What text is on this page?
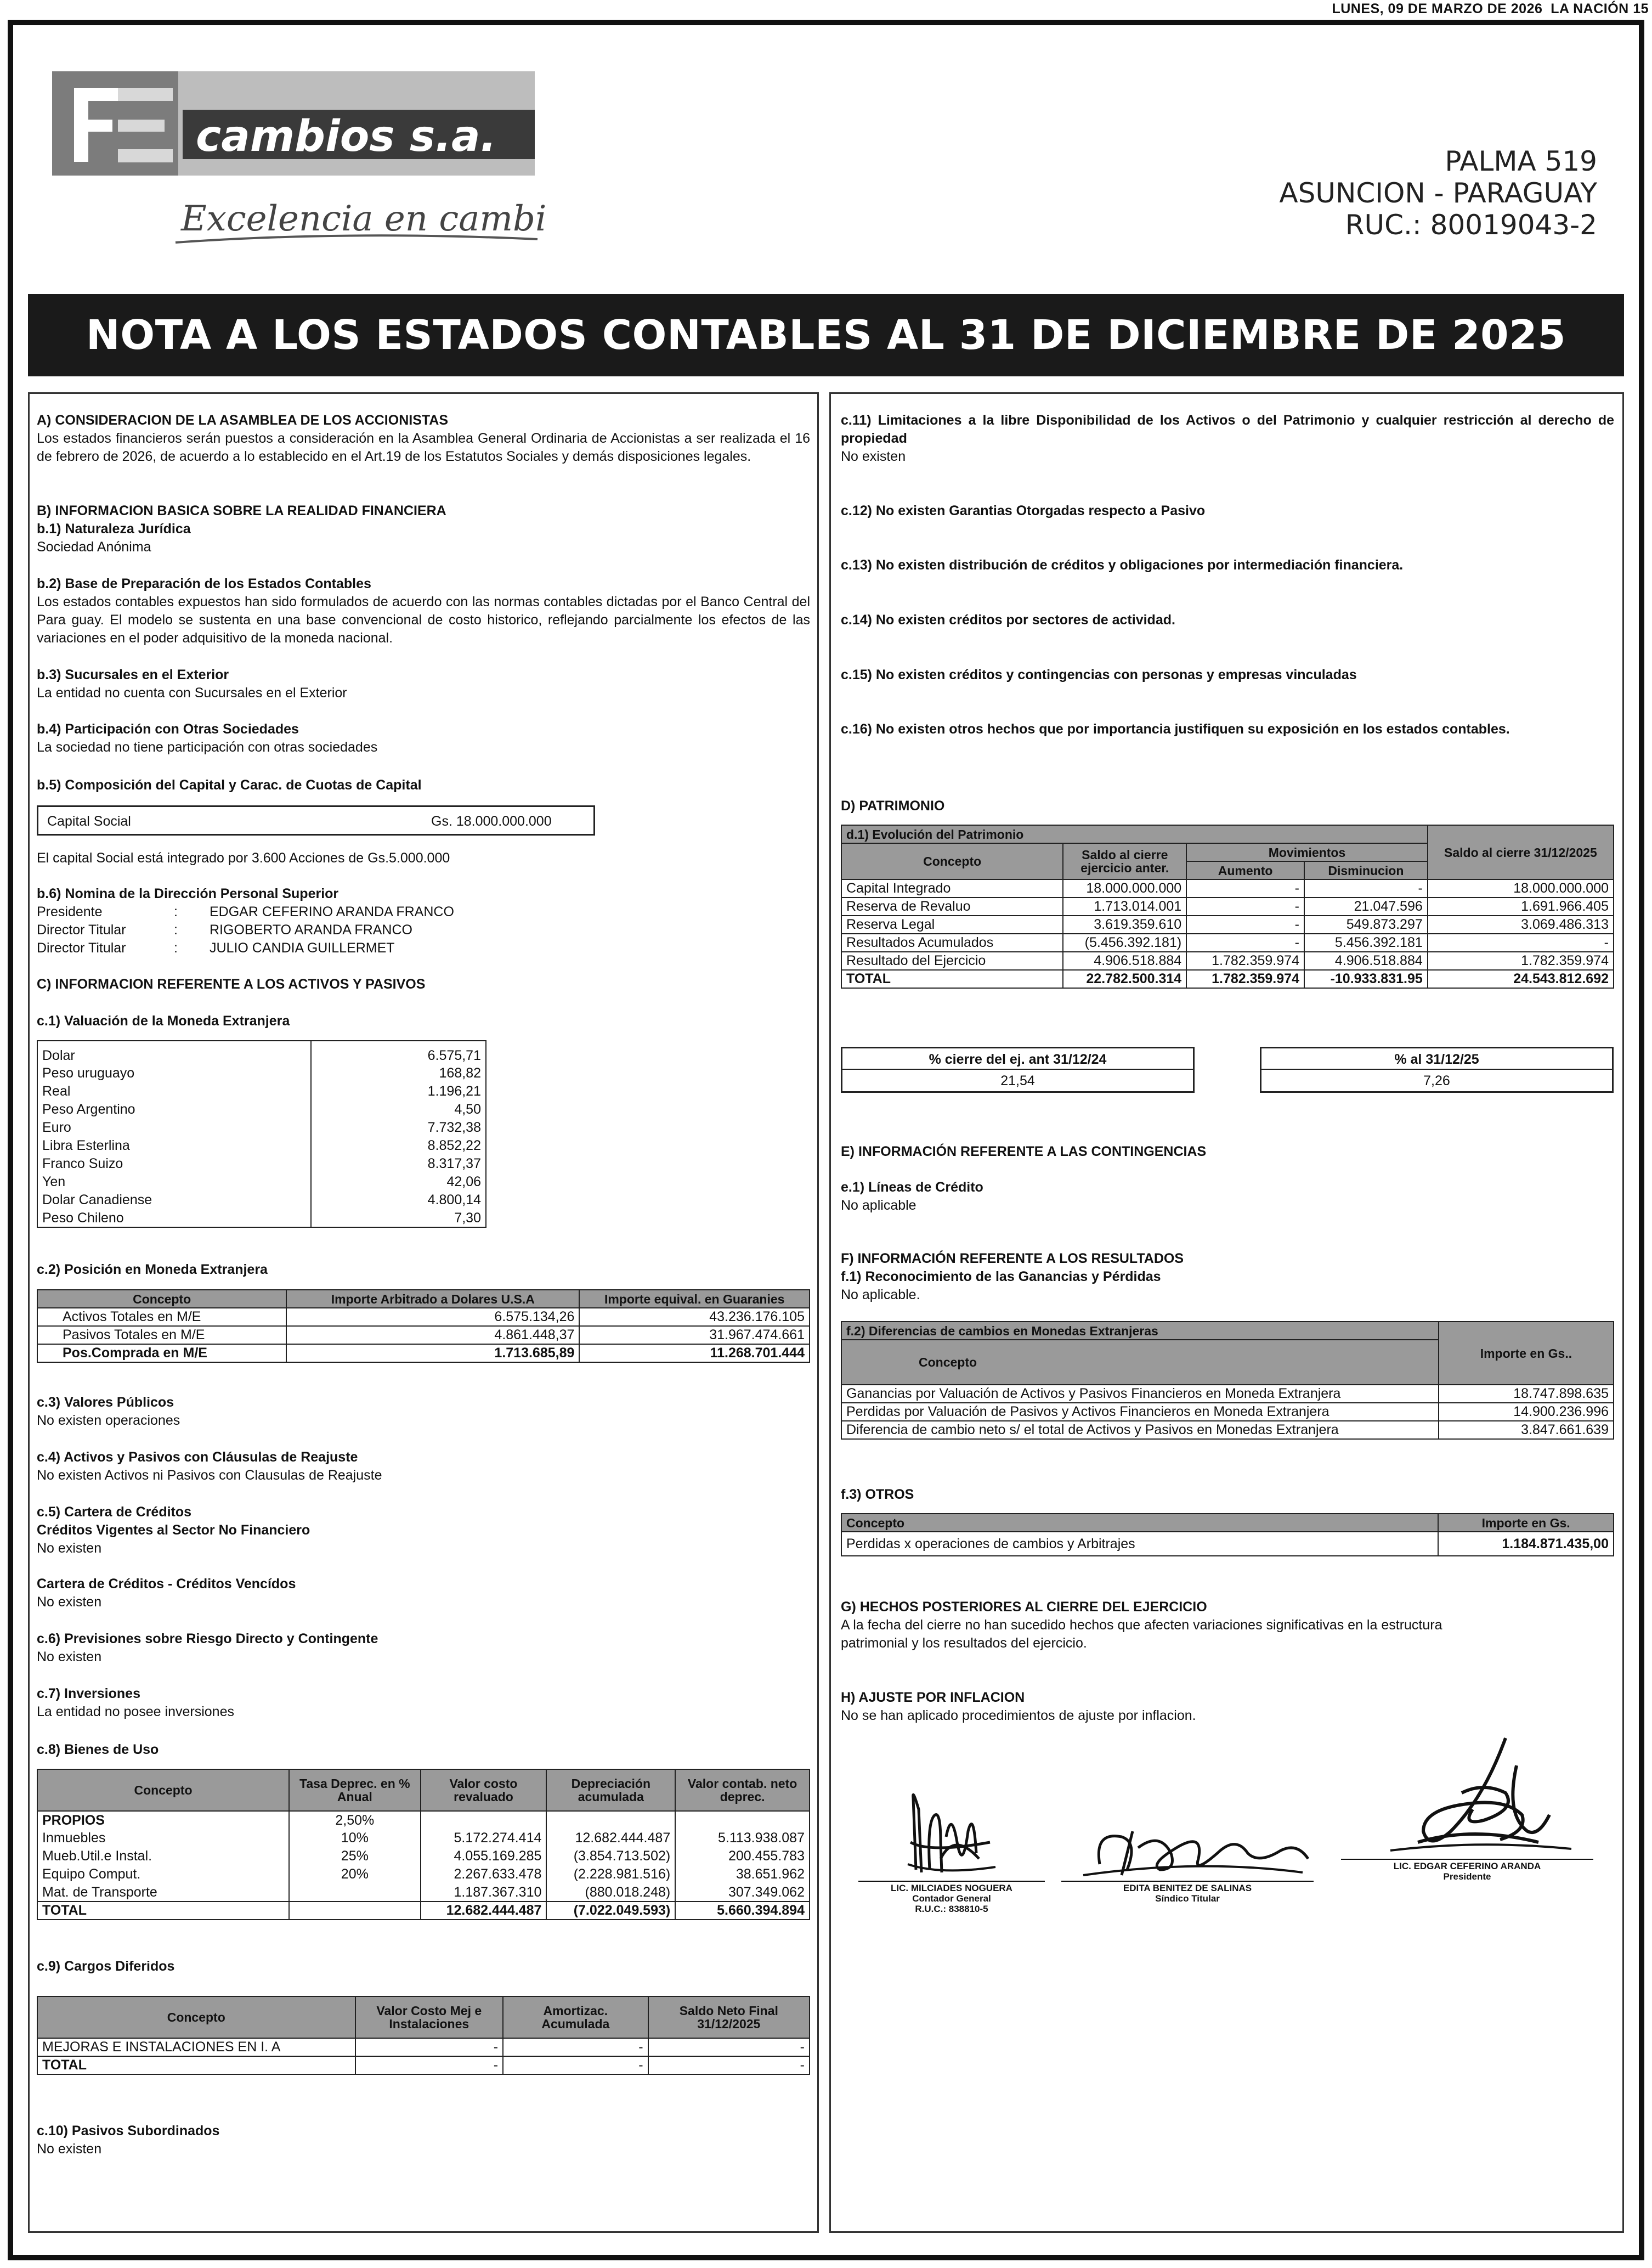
LUNES, 09 DE MARZO DE 2026 LA NACIÓN 15
cambios s.a.
Excelencia en cambios
PALMA 519
ASUNCION - PARAGUAY
RUC.: 80019043-2
NOTA A LOS ESTADOS CONTABLES AL 31 DE DICIEMBRE DE 2025
A) CONSIDERACION DE LA ASAMBLEA DE LOS ACCIONISTAS
Los estados financieros serán puestos a consideración en la Asamblea General Ordinaria de Accionistas a ser realizada el 16 de febrero de 2026, de acuerdo a lo establecido en el Art.19 de los Estatutos Sociales y demás disposiciones legales.
B) INFORMACION BASICA SOBRE LA REALIDAD FINANCIERA
b.1) Naturaleza Jurídica
Sociedad Anónima
b.2) Base de Preparación de los Estados Contables
Los estados contables expuestos han sido formulados de acuerdo con las normas contables dictadas por el Banco Central del Para guay. El modelo se sustenta en una base convencional de costo historico, reflejando parcialmente los efectos de las variaciones en el poder adquisitivo de la moneda nacional.
b.3) Sucursales en el Exterior
La entidad no cuenta con Sucursales en el Exterior
b.4) Participación con Otras Sociedades
La sociedad no tiene participación con otras sociedades
b.5) Composición del Capital y Carac. de Cuotas de Capital
Capital Social	Gs. 18.000.000.000
El capital Social está integrado por 3.600 Acciones de Gs.5.000.000
b.6) Nomina de la Dirección Personal Superior
Presidente	: EDGAR CEFERINO ARANDA FRANCO
Director Titular	: RIGOBERTO ARANDA FRANCO
Director Titular	: JULIO CANDIA GUILLERMET
C) INFORMACION REFERENTE A LOS ACTIVOS Y PASIVOS
c.1) Valuación de la Moneda Extranjera
Dolar	6.575,71
Peso uruguayo	168,82
Real	1.196,21
Peso Argentino	4,50
Euro	7.732,38
Libra Esterlina	8.852,22
Franco Suizo	8.317,37
Yen	42,06
Dolar Canadiense	4.800,14
Peso Chileno	7,30
c.2) Posición en Moneda Extranjera
Concepto	Importe Arbitrado a Dolares U.S.A	Importe equival. en Guaranies
Activos Totales en M/E	6.575.134,26	43.236.176.105
Pasivos Totales en M/E	4.861.448,37	31.967.474.661
Pos.Comprada en M/E	1.713.685,89	11.268.701.444
c.3) Valores Públicos
No existen operaciones
c.4) Activos y Pasivos con Cláusulas de Reajuste
No existen Activos ni Pasivos con Clausulas de Reajuste
c.5) Cartera de Créditos
Créditos Vigentes al Sector No Financiero
No existen
Cartera de Créditos - Créditos Vencídos
No existen
c.6) Previsiones sobre Riesgo Directo y Contingente
No existen
c.7) Inversiones
La entidad no posee inversiones
c.8) Bienes de Uso
Concepto	Tasa Deprec. en % Anual	Valor costo revaluado	Depreciación acumulada	Valor contab. neto deprec.
PROPIOS	2,50%			
Inmuebles	10%	5.172.274.414	12.682.444.487	5.113.938.087
Mueb.Util.e Instal.	25%	4.055.169.285	(3.854.713.502)	200.455.783
Equipo Comput.	20%	2.267.633.478	(2.228.981.516)	38.651.962
Mat. de Transporte		1.187.367.310	(880.018.248)	307.349.062
TOTAL		12.682.444.487	(7.022.049.593)	5.660.394.894
c.9) Cargos Diferidos
Concepto	Valor Costo Mej e Instalaciones	Amortizac. Acumulada	Saldo Neto Final 31/12/2025
MEJORAS E INSTALACIONES EN I. A	-	-	-
TOTAL	-	-	-
c.10) Pasivos Subordinados
No existen
c.11) Limitaciones a la libre Disponibilidad de los Activos o del Patrimonio y cualquier restricción al derecho de propiedad
No existen
c.12) No existen Garantias Otorgadas respecto a Pasivo
c.13) No existen distribución de créditos y obligaciones por intermediación financiera.
c.14) No existen créditos por sectores de actividad.
c.15) No existen créditos y contingencias con personas y empresas vinculadas
c.16) No existen otros hechos que por importancia justifiquen su exposición en los estados contables.
D) PATRIMONIO
d.1) Evolución del Patrimonio				Saldo al cierre 31/12/2025
Concepto	Saldo al cierre ejercicio anter.	Movimientos		
		Aumento	Disminucion	
Capital Integrado	18.000.000.000	-	-	18.000.000.000
Reserva de Revaluo	1.713.014.001	-	21.047.596	1.691.966.405
Reserva Legal	3.619.359.610	-	549.873.297	3.069.486.313
Resultados Acumulados	(5.456.392.181)	-	5.456.392.181	-
Resultado del Ejercicio	4.906.518.884	1.782.359.974	4.906.518.884	1.782.359.974
TOTAL	22.782.500.314	1.782.359.974	-10.933.831.95	24.543.812.692
% cierre del ej. ant 31/12/24
21,54
% al 31/12/25
7,26
E) INFORMACIÓN REFERENTE A LAS CONTINGENCIAS
e.1) Líneas de Crédito
No aplicable
F) INFORMACIÓN REFERENTE A LOS RESULTADOS
f.1) Reconocimiento de las Ganancias y Pérdidas
No aplicable.
f.2) Diferencias de cambios en Monedas Extranjeras	Importe en Gs..
Concepto	
Ganancias por Valuación de Activos y Pasivos Financieros en Moneda Extranjera	18.747.898.635
Perdidas por Valuación de Pasivos y Activos Financieros en Moneda Extranjera	14.900.236.996
Diferencia de cambio neto s/ el total de Activos y Pasivos en Monedas Extranjera	3.847.661.639
f.3) OTROS
Concepto	Importe en Gs.
Perdidas x operaciones de cambios y Arbitrajes	1.184.871.435,00
G) HECHOS POSTERIORES AL CIERRE DEL EJERCICIO
A la fecha del cierre no han sucedido hechos que afecten variaciones significativas en la estructura patrimonial y los resultados del ejercicio.
H) AJUSTE POR INFLACION
No se han aplicado procedimientos de ajuste por inflacion.
LIC. MILCIADES NOGUERA
Contador General
R.U.C.: 838810-5
EDITA BENITEZ DE SALINAS
Síndico Titular
LIC. EDGAR CEFERINO ARANDA
Presidente
